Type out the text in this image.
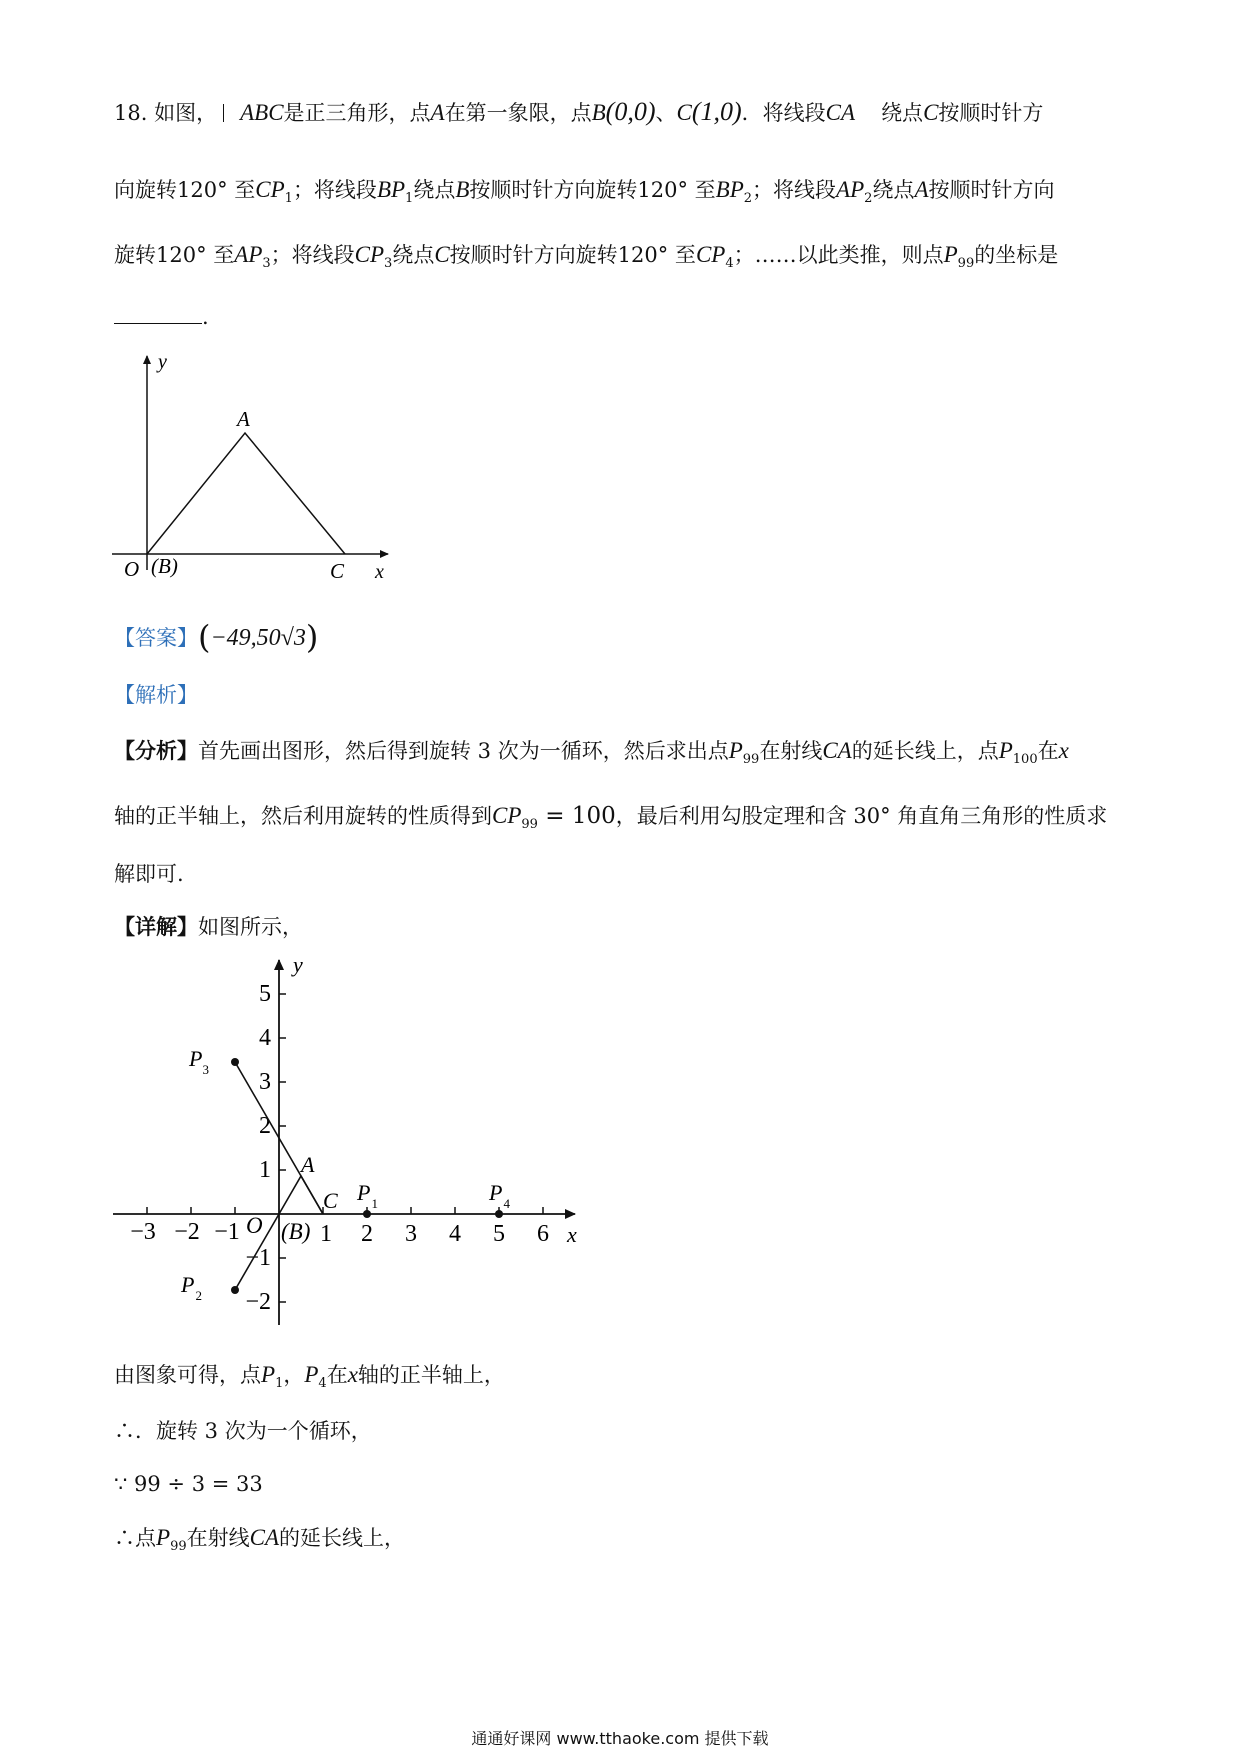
18. 如图， ABC是正三角形，点A在第一象限，点B(0,0)、C(1,0)．将线段CA 绕点C按顺时针方
向旋转120° 至$CP_1$；将线段$BP_1$绕点B按顺时针方向旋转120° 至$BP_2$；将线段$AP_2$绕点A按顺时针方向
旋转120° 至$AP_3$；将线段$CP_3$绕点C按顺时针方向旋转120° 至$CP_4$；……以此类推，则点$P_{99}$的坐标是
.
y
x
A
O (B)	C
【答案】(−49,50√3)
【解析】
【分析】首先画出图形，然后得到旋转 3 次为一循环，然后求出点$P_{99}$在射线CA的延长线上，点$P_{100}$在x
轴的正半轴上，然后利用旋转的性质得到$CP_{99} = 100$，最后利用勾股定理和含 30° 角直角三角形的性质求
解即可.
【详解】如图所示，
−3 −2 −1	1 2 3 4 5 6
1
2
3
4
5
−1
−2
y
x
O (B)
A
C $P_1$	$P_4$
$P_3$
$P_2$
由图象可得，点$P_1$，$P_4$在x轴的正半轴上，
∴．旋转 3 次为一个循环，
∵ 99 ÷ 3 = 33
∴点$P_{99}$在射线CA的延长线上，
通通好课网 www.tthaoke.com 提供下载
